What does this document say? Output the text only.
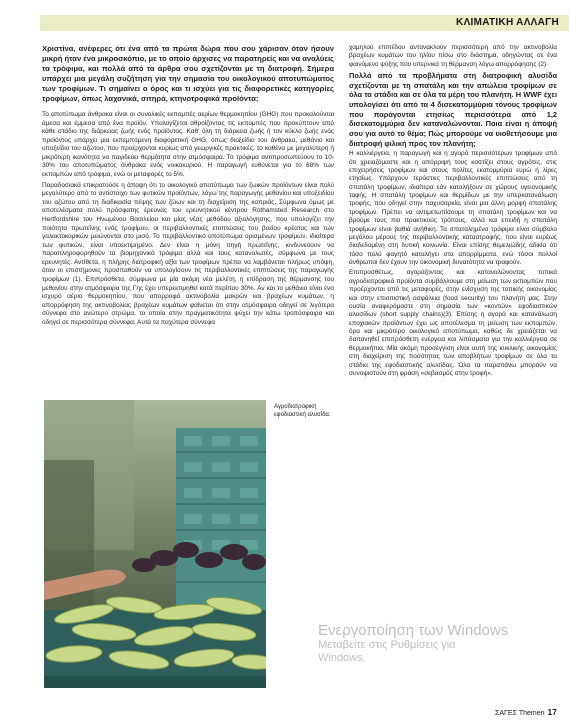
ΚΛΙΜΑΤΙΚΗ ΑΛΛΑΓΗ

Χριστίνα, ανέφερες ότι ένα από τα πρώτα δώρα που σου χάρισαν όταν ήσουν μικρή ήταν ένα μικροσκόπιο, με το οποίο άρχισες να παρατηρείς και να αναλύεις τα τρόφιμα, και πολλά από τα άρθρα σου σχετίζονται με τη διατροφή. Σήμερα υπάρχει μια μεγάλη συζήτηση για την σημασία του οικολογικού αποτυπώματος των τροφίμων. Τι σημαίνει ο όρος και τι ισχύει για τις διαφορετικές κατηγορίες τροφίμων, όπως λαχανικά, σιτηρά, κτηνοτροφικά προϊόντα;

Το αποτύπωμα άνθρακα είναι οι συνολικές εκπομπές αερίων θερμοκηπίου (GHG) που προκαλούνται άμεσα και έμμεσα από ένα προϊόν. Υπολογίζεται αθροίζοντας τις εκπομπές που προκύπτουν από κάθε στάδιο της διάρκειας ζωής ενός προϊόντος. Καθ' όλη τη διάρκεια ζωής ή τον κύκλο ζωής ενός προϊόντος υπάρχει μια εκπεμπόμενη διαφορετική GHG, όπως διοξείδιο του άνθρακα, μεθάνιο και υποξείδιο του αζώτου, που προέρχονται κυρίως από γεωργικές πρακτικές, το καθένα με μεγαλύτερη ή μικρότερη ικανότητα να παγιδεύει θερμότητα στην ατμόσφαιρα. Τα τρόφιμα αντιπροσωπεύουν το 10-30% του αποτυπώματος άνθρακα ενός νοικοκυριού. Η παραγωγή ευθύνεται για το 68% των εκπομπών από τρόφιμα, ενώ οι μεταφορές το 5%.

Παραδοσιακά επικρατούσε η άποψη ότι το οικολογικό αποτύπωμα των ζωικών προϊόντων είναι πολύ μεγαλύτερο από το αντίστοιχο των φυτικών προϊόντων, λόγω της παραγωγής μεθανίου και υποξειδίου του αζώτου από τη διαδικασία πέψης των ζώων και τη διαχείριση της κοπριάς. Σύμφωνα όμως με αποτελέσματα πολύ πρόσφατης έρευνας του ερευνητικού κέντρου Rothamsted Research στο Hertfordshire του Ηνωμένου Βασιλείου και μίας νέας μεθόδου αξιολόγησης, που υπολογίζει την ποιότητα πρωτεΐνης ενός τροφίμου, οι περιβαλλοντικές επιπτώσεις του βοείου κρέατος και των γαλακτοκομικών μειώνονται στο μισό. Το περιβαλλοντικό αποτύπωμα ορισμένων τροφίμων, ιδιαίτερα των φυτικών, είναι υποεκτιμημένο. Δεν είναι η μόνη πηγή πρωτεΐνης, κινδυνεύουν να παραπληροφορηθούν τα βιομηχανικά τρόφιμα αλλά και τους καταναλωτές, σύμφωνα με τους ερευνητές. Αντίθετα, η πλήρης διατροφική αξία των τροφίμων πρέπει να λαμβάνεται πλήρως υπόψη, όταν οι επιστήμονες προσπαθούν να υπολογίσουν τις περιβαλλοντικές επιπτώσεις της παραγωγής τροφίμων (1). Επιπρόσθετα, σύμφωνα με μία ακόμη νέα μελέτη, η επίδραση της θέρμανσης του μεθανίου στην ατμόσφαιρα της Γης έχει υπερεκτιμηθεί κατά περίπου 30%. Αν και το μεθάνιο είναι ένα ισχυρό αέριο θερμοκηπίου, που απορροφά ακτινοβολία μακρών και βραχέων κυμάτων, η απορρόφηση της ακτινοβολίας βραχέων κυμάτων φαίνεται ότι στην ατμόσφαιρα οδηγεί σε λιγότερα σύννεφα στο ανώτερο στρώμα, τα οποία στην πραγματικότητα ψύχει την κάτω τροπόσφαιρα και οδηγεί σε περισσότερα σύννεφα. Αυτά τα παχύτερα σύννεφα

Αγροδιατροφική εφοδιαστική αλυσίδα.

χαμηλού επιπέδου αντανακλούν περισσότερη από την ακτινοβολία βραχέων κυμάτων του ηλίου πίσω στο διάστημα, οδηγώντας σε ένα φαινόμενο ψύξης που υπερνικά τη θέρμανση λόγω απορρόφησης (2).

Πολλά από τα προβλήματα στη διατροφική αλυσίδα σχετίζονται με τη σπατάλη και την απώλεια τροφίμων σε όλα τα στάδια και σε όλα τα μέρη του πλανήτη. Η WWF έχει υπολογίσει ότι από τα 4 δισεκατομμύρια τόνους τροφίμων που παράγονται ετησίως περισσότερα από 1,2 δισεκατομμύρια δεν καταναλώνονται. Ποια είναι η άποψή σου για αυτό το θέμα; Πώς μπορούμε να υιοθετήσουμε μια διατροφή φιλική προς τον πλανήτη;

Η καλλιέργεια, η παραγωγή και η αγορά περισσότερων τροφίμων από ότι χρειαζόμαστε και η απόρριψή τους κοστίζει στους αγρότες, στις επιχειρήσεις τροφίμων και στους πολίτες εκατομμύρια ευρώ ή λίρες ετησίως. Υπάρχουν τεράστιες περιβαλλοντικές επιπτώσεις από τη σπατάλη τροφίμων, ιδιαίτερα εάν καταλήξουν σε χώρους υγειονομικής ταφής. Η σπατάλη τροφίμων και θερμίδων με την υπερκατανάλωση τροφής, που οδηγεί στην παχυσαρκία, είναι μια άλλη μορφή σπατάλης τροφίμων. Πρέπει να αντιμετωπίσουμε τη σπατάλη τροφίμων και να βρούμε τους πιο πρακτικούς τρόπους, αλλά και επειδή η σπατάλη τροφίμων είναι βαθιά ανήθικη. Τα σπαταλημένα τρόφιμα είναι σύμβολο μεγάλου μέρους της περιβαλλοντικής καταστροφής, που είναι ευρέως διαδεδομένη στη δυτική κοινωνία. Είναι επίσης θεμελιώδης αδικία ότι τόσο πολύ φαγητό καταλήγει στα απορρίμματα, ενώ τόσοι πολλοί άνθρωποι δεν έχουν την οικονομική δυνατότητα να τραφούν.

Επιπροσθέτως, αγοράζοντας και καταναλώνοντας τοπικά αγροδιατροφικά προϊόντα συμβάλλουμε στη μείωση των εκπομπών που προέρχονται από τις μεταφορές, στην ενίσχυση της τοπικής οικονομίας και στην επισιτιστική ασφάλεια (food security) του πλανήτη μας. Στην ουσία αναφερόμαστε στη σημασία των «κοντών» εφοδιαστικών αλυσίδων (short supply chains)(3). Επίσης η αγορά και κατανάλωση εποχιακών προϊόντων έχει ως αποτέλεσμα τη μείωση των εκπομπών, όρα και μικρότερο οικολογικό αποτύπωμα, καθώς δε χρειάζεται να δαπανηθεί επιπρόσθετη ενέργεια και λιπάσματα για την καλλιέργεια σε θερμοκήπια. Μία ακόμη προσέγγιση είναι αυτή της κυκλικής οικονομίας στη διαχείριση της ποσότητας των αποβλήτων τροφίμων σε όλα τα στάδια της εφοδιαστικής αλυσίδας. Όλα τα παραπάνω μπορούν να συνοψιστούν στη φράση «σεβασμός στην τροφή».

Ενεργοποίηση των Windows
Μεταβείτε στις Ρυθμίσεις για
Windows.
ΣΑΓΕΣ Themen 17
